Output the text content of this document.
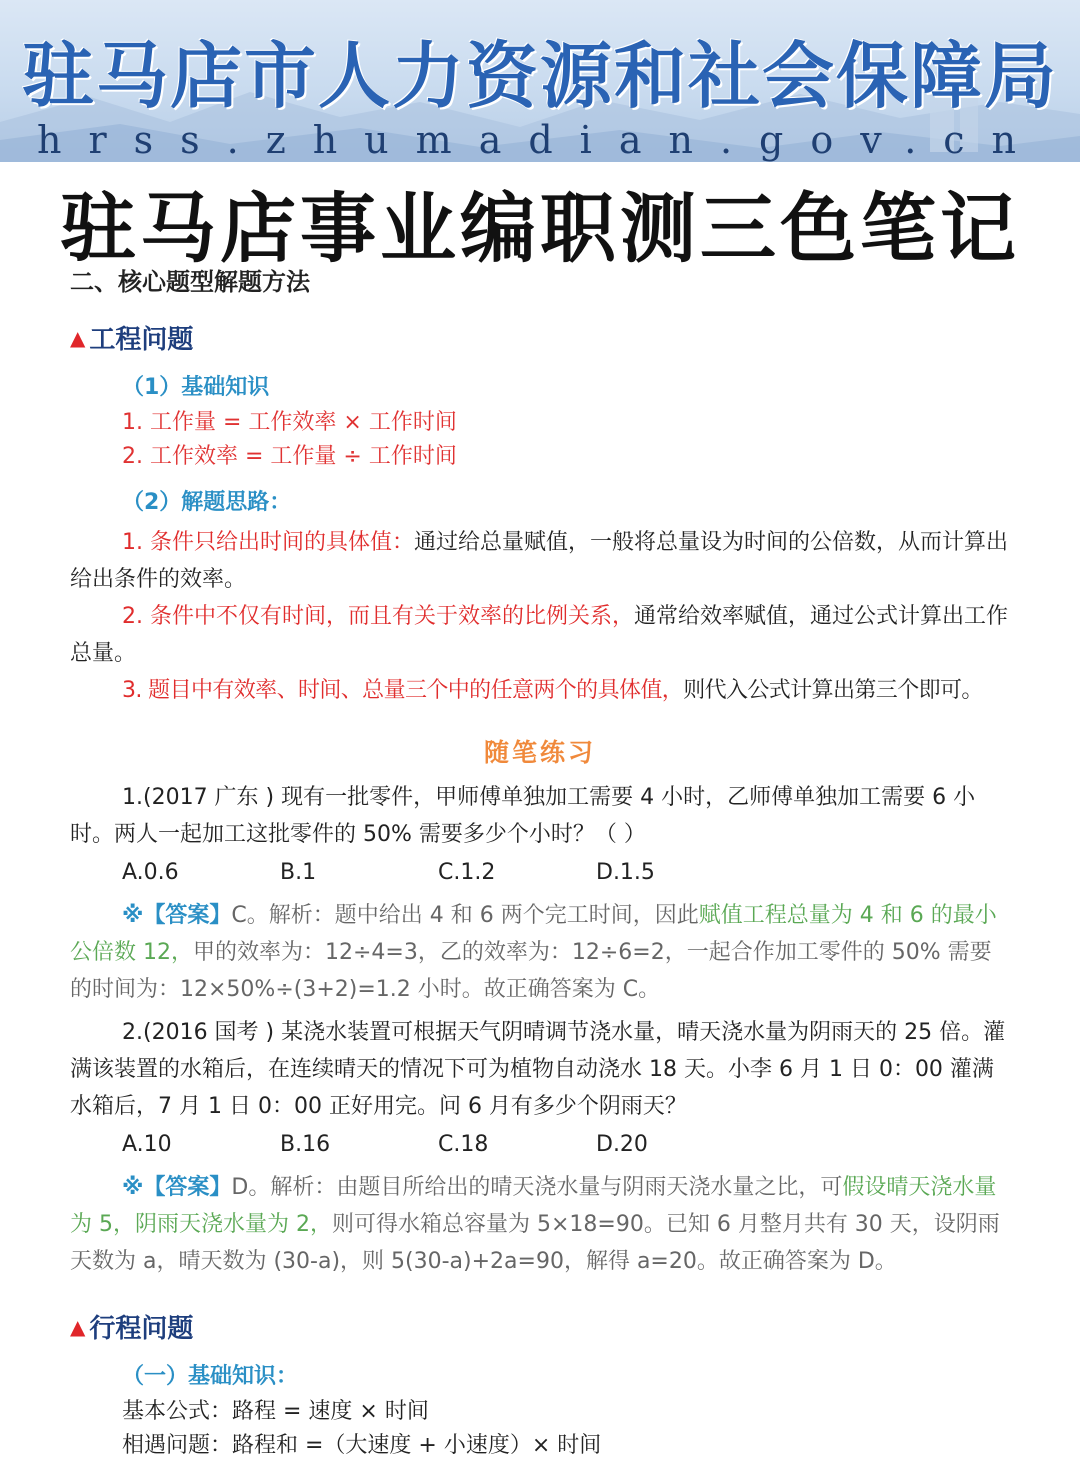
驻马店市人力资源和社会保障局
hrss.zhumadian.gov.cn
驻马店事业编职测三色笔记
二、核心题型解题方法
▲ 工程问题
（1）基础知识
1. 工作量 = 工作效率 × 工作时间
2. 工作效率 = 工作量 ÷ 工作时间
（2）解题思路：

1. 条件只给出时间的具体值：通过给总量赋值，一般将总量设为时间的公倍数，从而计算出给出条件的效率。

2. 条件中不仅有时间，而且有关于效率的比例关系，通常给效率赋值，通过公式计算出工作总量。

3. 题目中有效率、时间、总量三个中的任意两个的具体值，则代入公式计算出第三个即可。

随笔练习

1.(2017 广东 ) 现有一批零件，甲师傅单独加工需要 4 小时，乙师傅单独加工需要 6 小时。两人一起加工这批零件的 50% 需要多少个小时？（ ）

A.0.6	B.1	C.1.2	D.1.5

※【答案】C。解析：题中给出 4 和 6 两个完工时间，因此赋值工程总量为 4 和 6 的最小公倍数 12，甲的效率为：12÷4=3，乙的效率为：12÷6=2，一起合作加工零件的 50% 需要的时间为：12×50%÷(3+2)=1.2 小时。故正确答案为 C。

2.(2016 国考 ) 某浇水装置可根据天气阴晴调节浇水量，晴天浇水量为阴雨天的 25 倍。灌满该装置的水箱后，在连续晴天的情况下可为植物自动浇水 18 天。小李 6 月 1 日 0：00 灌满水箱后，7 月 1 日 0：00 正好用完。问 6 月有多少个阴雨天？

A.10	B.16	C.18	D.20

※【答案】D。解析：由题目所给出的晴天浇水量与阴雨天浇水量之比，可假设晴天浇水量为 5，阴雨天浇水量为 2，则可得水箱总容量为 5×18=90。已知 6 月整月共有 30 天，设阴雨天数为 a，晴天数为 (30-a)，则 5(30-a)+2a=90，解得 a=20。故正确答案为 D。

▲ 行程问题
（一）基础知识：
基本公式：路程 = 速度 × 时间
相遇问题：路程和 =（大速度 + 小速度）× 时间
